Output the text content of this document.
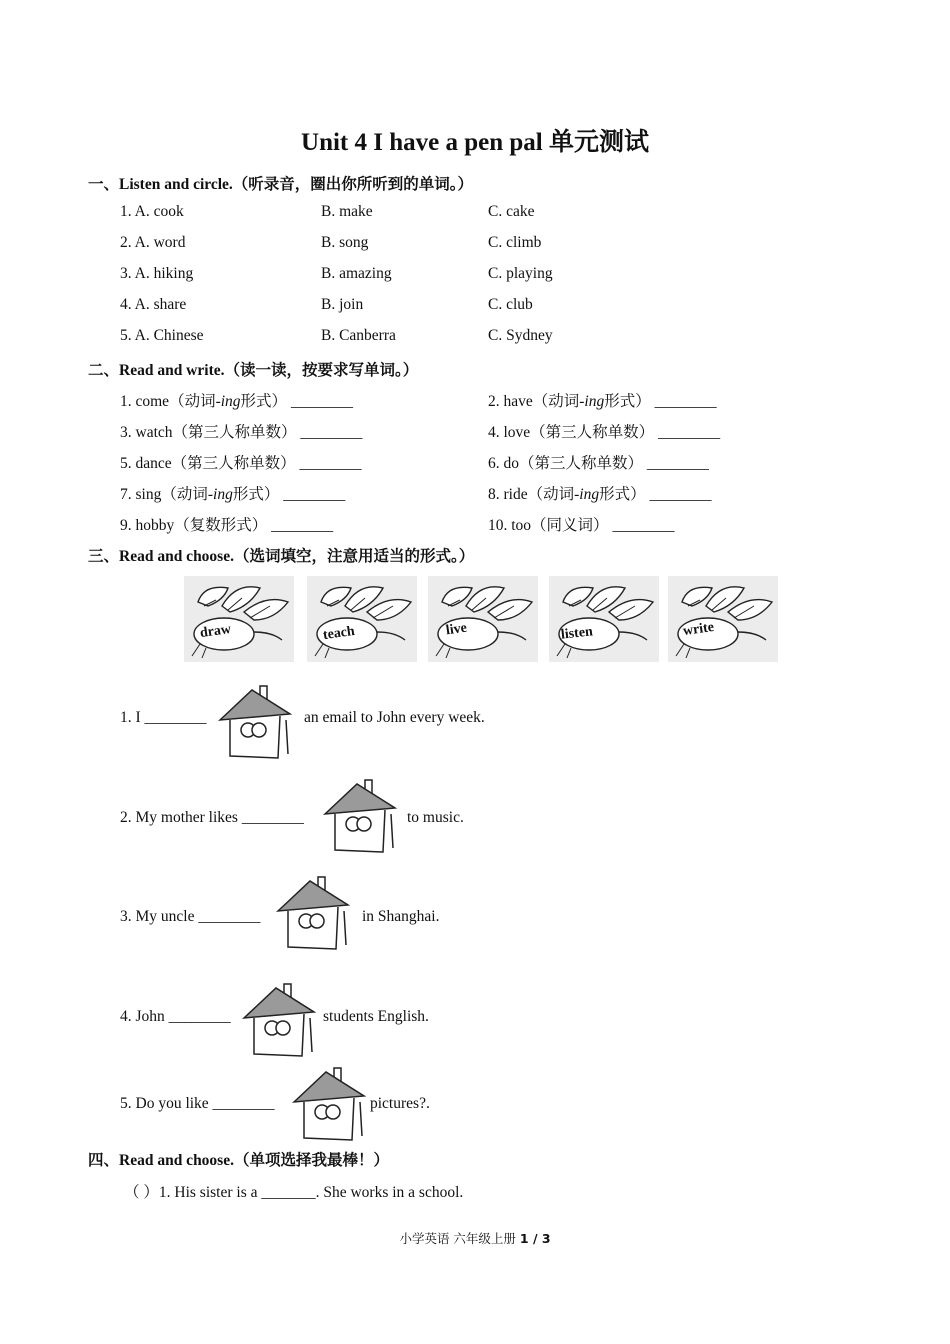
Unit 4 I have a pen pal 单元测试
一、Listen and circle.（听录音，圈出你所听到的单词。）
1. A. cook	B. make	C. cake
2. A. word	B. song	C. climb
3. A. hiking	B. amazing	C. playing
4. A. share	B. join	C. club
5. A. Chinese	B. Canberra	C. Sydney
二、Read and write.（读一读，按要求写单词。）
1. come（动词-ing形式） ________	2. have（动词-ing形式） ________
3. watch（第三人称单数） ________	4. love（第三人称单数） ________
5. dance（第三人称单数） ________	6. do（第三人称单数） ________
7. sing（动词-ing形式） ________	8. ride（动词-ing形式） ________
9. hobby（复数形式） ________	10. too（同义词） ________
三、Read and choose.（选词填空，注意用适当的形式。）
draw	teach	live	listen	write
1. I ________	an email to John every week.
2. My mother likes ________	to music.
3. My uncle ________	in Shanghai.
4. John ________	students English.
5. Do you like ________	pictures?.
四、Read and choose.（单项选择我最棒！）
（ ）1. His sister is a _______. She works in a school.
小学英语 六年级上册 1 / 3
